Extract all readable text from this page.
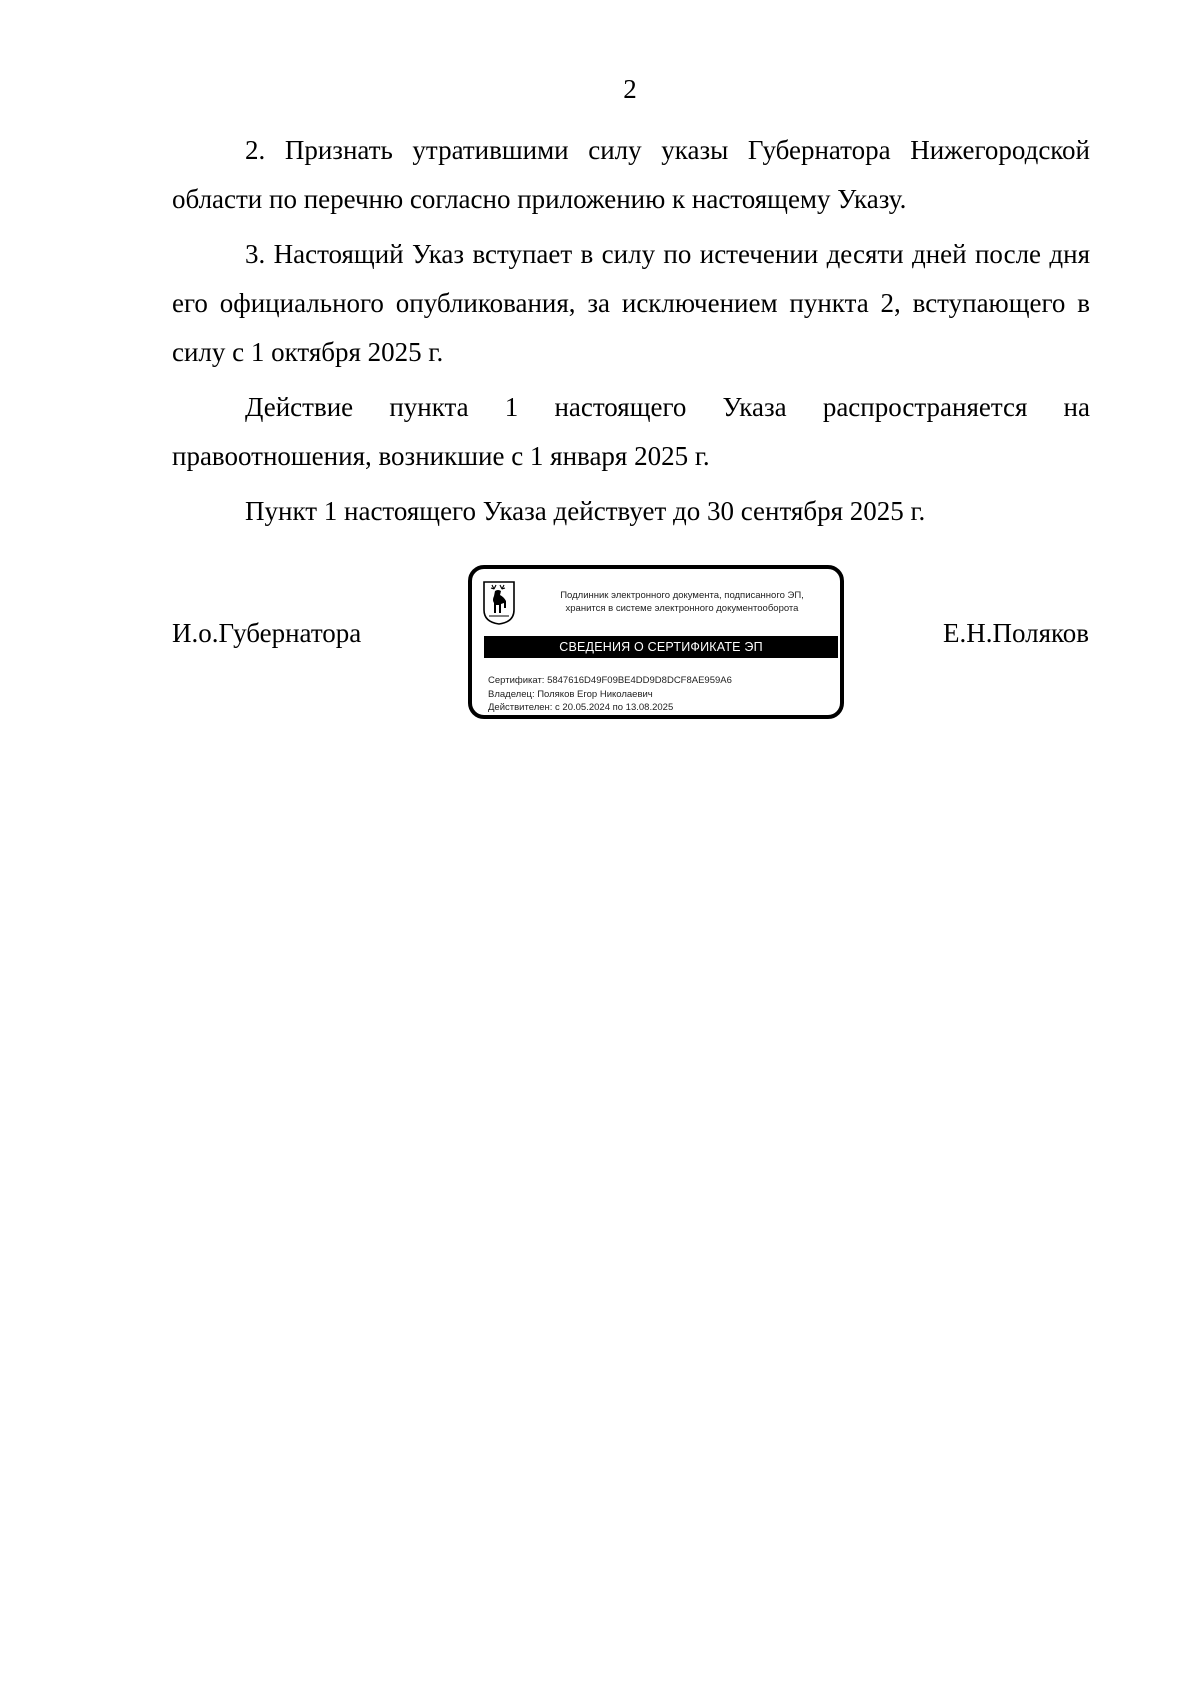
2

2. Признать утратившими силу указы Губернатора Нижегородской области по перечню согласно приложению к настоящему Указу.

3. Настоящий Указ вступает в силу по истечении десяти дней после дня его официального опубликования, за исключением пункта 2, вступающего в силу с 1 октября 2025 г.

Действие пункта 1 настоящего Указа распространяется на правоотношения, возникшие с 1 января 2025 г.

Пункт 1 настоящего Указа действует до 30 сентября 2025 г.

И.о.Губернатора	Е.Н.Поляков
Подлинник электронного документа, подписанного ЭП,
хранится в системе электронного документооборота
СВЕДЕНИЯ О СЕРТИФИКАТЕ ЭП
Сертификат: 5847616D49F09BE4DD9D8DCF8AE959A6
Владелец: Поляков Егор Николаевич
Действителен: с 20.05.2024 по 13.08.2025
